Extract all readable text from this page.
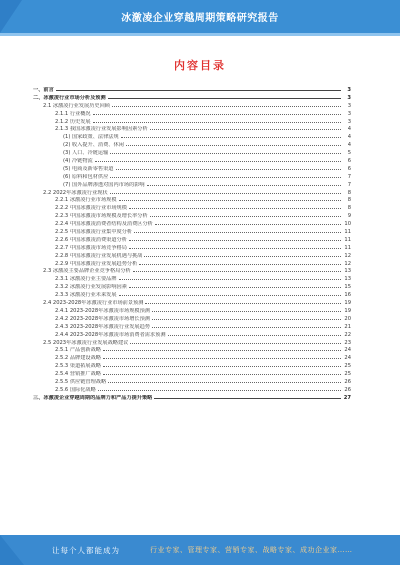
冰激凌企业穿越周期策略研究报告
内容目录
一、前言	3
二、冰激凌行业市场分析及预测	3
2.1 冰激凌行业发展历史回顾	3
2.1.1 行业概况	3
2.1.2 历史发展	3
2.1.3 我国冰激凌行业发展影响因素分析	4
(1) 国家政策、法律法规	4
(2) 收入提升、消费、休闲	4
(3) 人口、冷链运输	5
(4) 冷链物流	6
(5) 电商及新零售渠道	6
(6) 原料和包材供应	7
(7) 国外品牌渗透对国内市场的影响	7
2.2 2022年冰激凌行业现状	8
2.2.1 冰激凌行业市场规模	8
2.2.2 中国冰激凌行业市场规模	8
2.2.3 中国冰激凌市场规模及增长率分析	9
2.2.4 中国冰激凌消费者结构及消费区分析	10
2.2.5 中国冰激凌行业集中度分析	11
2.2.6 中国冰激凌消费渠道分析	11
2.2.7 中国冰激凌市场竞争格局	11
2.2.8 中国冰激凌行业发展机遇与挑战	12
2.2.9 中国冰激凌行业发展趋势分析	12
2.3 冰激凌主要品牌企业竞争格局分析	13
2.3.1 冰激凌行业主要品牌	13
2.3.2 冰激凌行业发展影响因素	15
2.3.3 冰激凌行业未来发展	16
2.4 2023-2028年冰激凌行业市场前景预测	19
2.4.1 2023-2028年冰激凌市场规模预测	19
2.4.2 2023-2028年冰激凌市场增长预测	20
2.4.3 2023-2028年冰激凌行业发展趋势	21
2.4.4 2023-2028年冰激凌市场消费者需求预测	22
2.5 2023年冰激凌行业发展战略建议	23
2.5.1 产品创新战略	24
2.5.2 品牌建设战略	24
2.5.3 渠道拓展战略	25
2.5.4 营销推广战略	25
2.5.5 供应链管理战略	26
2.5.6 国际化战略	26
三、冰激凌企业穿越周期的品牌力和产品力提升策略	27
让每个人都能成为	行业专家、管理专家、营销专家、战略专家、成功企业家……
